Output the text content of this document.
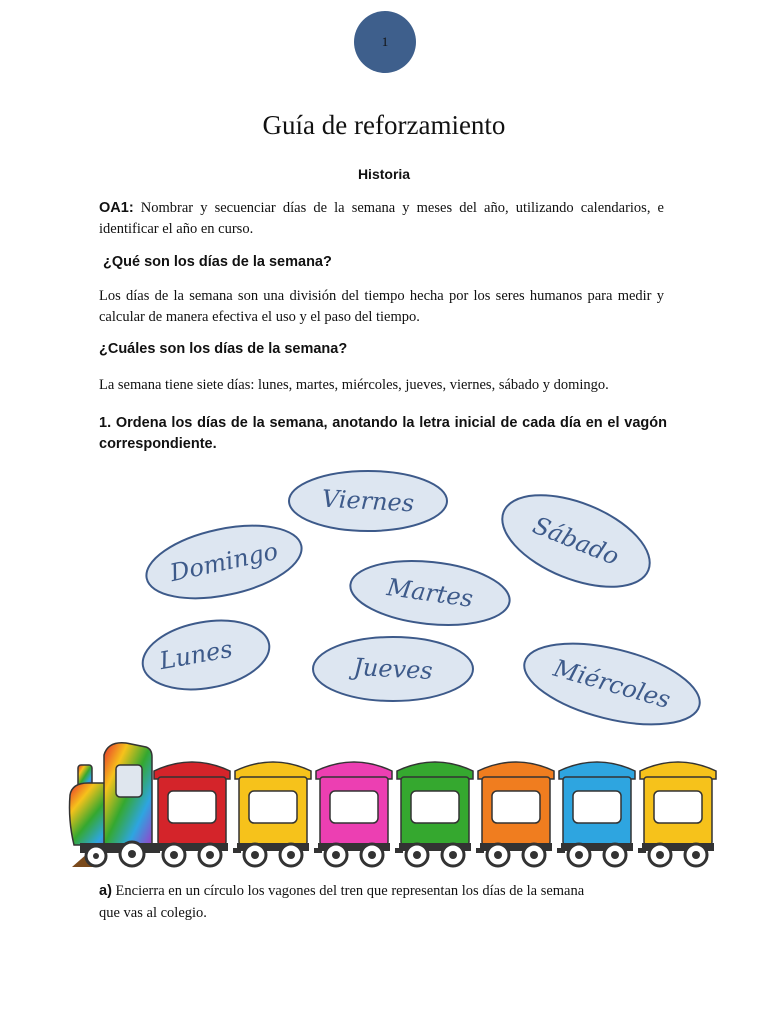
1
Guía de reforzamiento
Historia
OA1: Nombrar y secuenciar días de la semana y meses del año, utilizando calendarios, e identificar el año en curso.
¿Qué son los días de la semana?
Los días de la semana son una división del tiempo hecha por los seres humanos para medir y calcular de manera efectiva el uso y el paso del tiempo.
¿Cuáles son los días de la semana?
La semana tiene siete días: lunes, martes, miércoles, jueves, viernes, sábado y domingo.
1. Ordena los días de la semana, anotando la letra inicial de cada día en el vagón correspondiente.
Viernes
Sábado
Domingo
Martes
Lunes	Jueves	Miércoles
a) Encierra en un círculo los vagones del tren que representan los días de la semana que vas al colegio.
